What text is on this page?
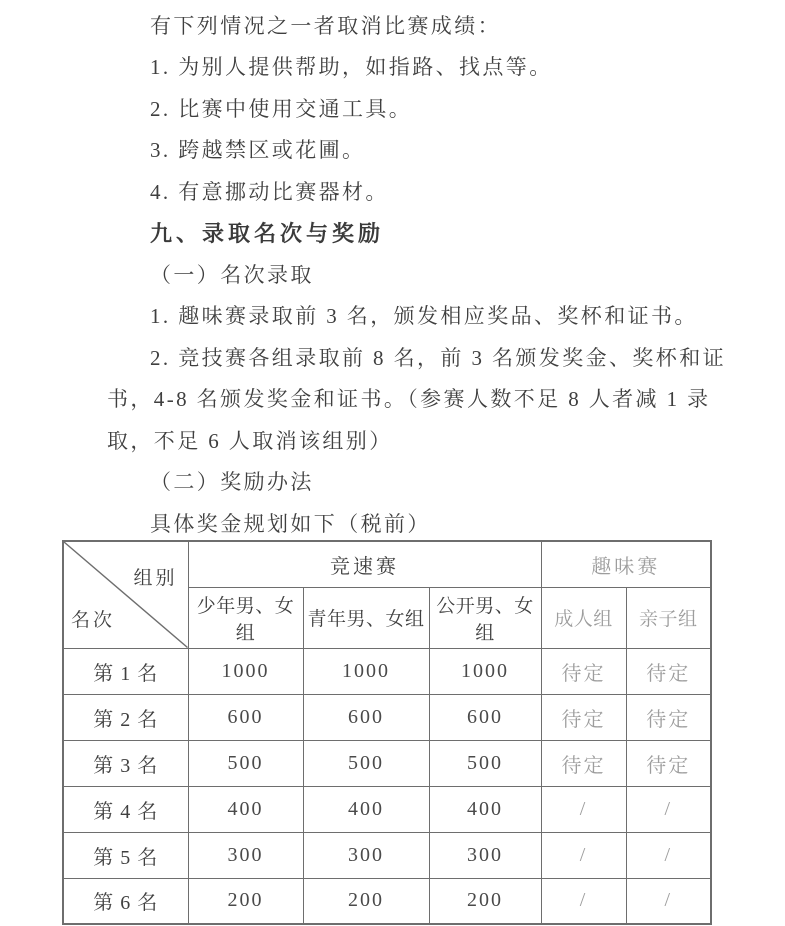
有下列情况之一者取消比赛成绩：
1. 为别人提供帮助，如指路、找点等。
2. 比赛中使用交通工具。
3. 跨越禁区或花圃。
4. 有意挪动比赛器材。
九、录取名次与奖励
（一）名次录取
1. 趣味赛录取前 3 名，颁发相应奖品、奖杯和证书。
2. 竞技赛各组录取前 8 名，前 3 名颁发奖金、奖杯和证
书，4-8 名颁发奖金和证书。（参赛人数不足 8 人者减 1 录
取，不足 6 人取消该组别）
（二）奖励办法
具体奖金规划如下（税前）
组别
名次	竞速赛			趣味赛	
	少年男、女组	青年男、女组	公开男、女组	成人组	亲子组
第 1 名	1000	1000	1000	待定	待定
第 2 名	600	600	600	待定	待定
第 3 名	500	500	500	待定	待定
第 4 名	400	400	400	/	/
第 5 名	300	300	300	/	/
第 6 名	200	200	200	/	/
